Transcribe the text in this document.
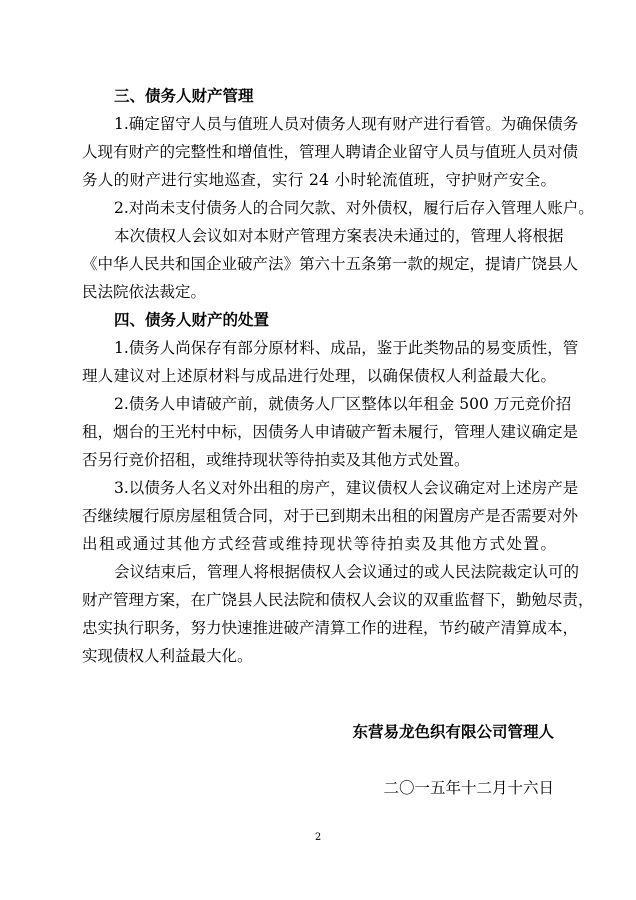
三、债务人财产管理
1.确定留守人员与值班人员对债务人现有财产进行看管。为确保债务
人现有财产的完整性和增值性，管理人聘请企业留守人员与值班人员对债
务人的财产进行实地巡查，实行 24 小时轮流值班，守护财产安全。
2.对尚未支付债务人的合同欠款、对外债权，履行后存入管理人账户。
本次债权人会议如对本财产管理方案表决未通过的，管理人将根据
《中华人民共和国企业破产法》第六十五条第一款的规定，提请广饶县人
民法院依法裁定。
四、债务人财产的处置
1.债务人尚保存有部分原材料、成品，鉴于此类物品的易变质性，管
理人建议对上述原材料与成品进行处理，以确保债权人利益最大化。
2.债务人申请破产前，就债务人厂区整体以年租金 500 万元竞价招
租，烟台的王光村中标，因债务人申请破产暂未履行，管理人建议确定是
否另行竞价招租，或维持现状等待拍卖及其他方式处置。
3.以债务人名义对外出租的房产，建议债权人会议确定对上述房产是
否继续履行原房屋租赁合同，对于已到期未出租的闲置房产是否需要对外
出租或通过其他方式经营或维持现状等待拍卖及其他方式处置。
会议结束后，管理人将根据债权人会议通过的或人民法院裁定认可的
财产管理方案，在广饶县人民法院和债权人会议的双重监督下，勤勉尽责，
忠实执行职务，努力快速推进破产清算工作的进程，节约破产清算成本，
实现债权人利益最大化。
东营易龙色织有限公司管理人
二〇一五年十二月十六日
2
